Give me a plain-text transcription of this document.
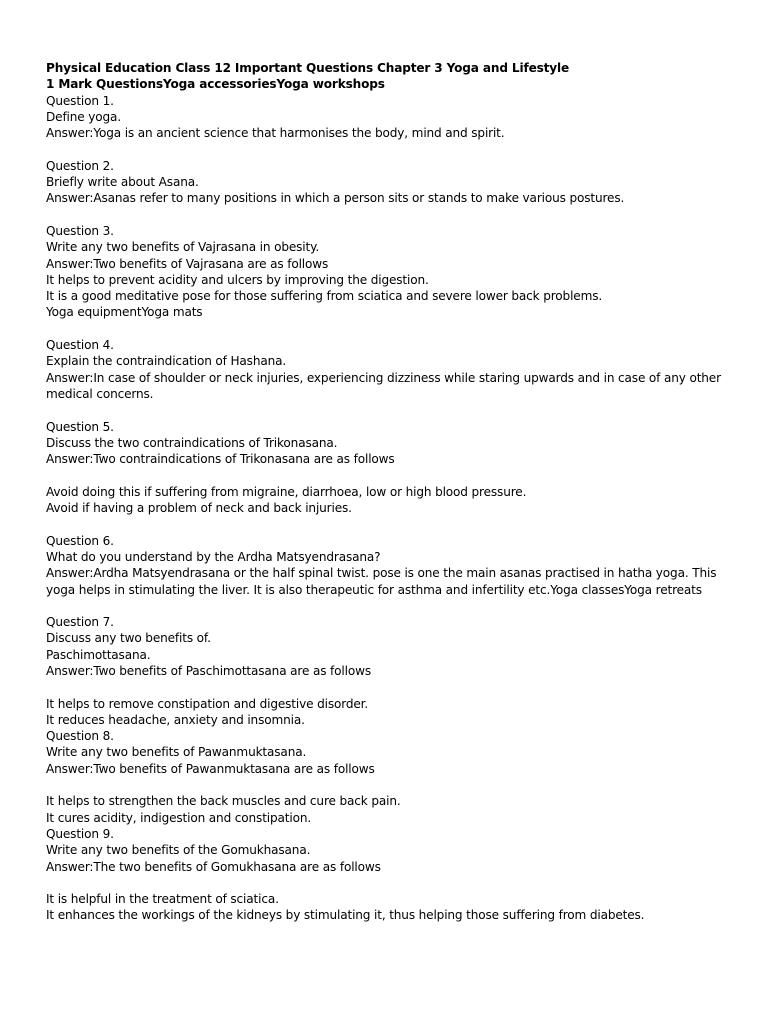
Physical Education Class 12 Important Questions Chapter 3 Yoga and Lifestyle
1 Mark QuestionsYoga accessoriesYoga workshops
Question 1.
Define yoga.
Answer:Yoga is an ancient science that harmonises the body, mind and spirit.
Question 2.
Briefly write about Asana.
Answer:Asanas refer to many positions in which a person sits or stands to make various postures.
Question 3.
Write any two benefits of Vajrasana in obesity.
Answer:Two benefits of Vajrasana are as follows
It helps to prevent acidity and ulcers by improving the digestion.
It is a good meditative pose for those suffering from sciatica and severe lower back problems.
Yoga equipmentYoga mats
Question 4.
Explain the contraindication of Hashana.
Answer:In case of shoulder or neck injuries, experiencing dizziness while staring upwards and in case of any other medical concerns.
Question 5.
Discuss the two contraindications of Trikonasana.
Answer:Two contraindications of Trikonasana are as follows
Avoid doing this if suffering from migraine, diarrhoea, low or high blood pressure.
Avoid if having a problem of neck and back injuries.
Question 6.
What do you understand by the Ardha Matsyendrasana?
Answer:Ardha Matsyendrasana or the half spinal twist. pose is one the main asanas practised in hatha yoga. This yoga helps in stimulating the liver. It is also therapeutic for asthma and infertility etc.Yoga classesYoga retreats
Question 7.
Discuss any two benefits of.
Paschimottasana.
Answer:Two benefits of Paschimottasana are as follows
It helps to remove constipation and digestive disorder.
It reduces headache, anxiety and insomnia.
Question 8.
Write any two benefits of Pawanmuktasana.
Answer:Two benefits of Pawanmuktasana are as follows
It helps to strengthen the back muscles and cure back pain.
It cures acidity, indigestion and constipation.
Question 9.
Write any two benefits of the Gomukhasana.
Answer:The two benefits of Gomukhasana are as follows
It is helpful in the treatment of sciatica.
It enhances the workings of the kidneys by stimulating it, thus helping those suffering from diabetes.
